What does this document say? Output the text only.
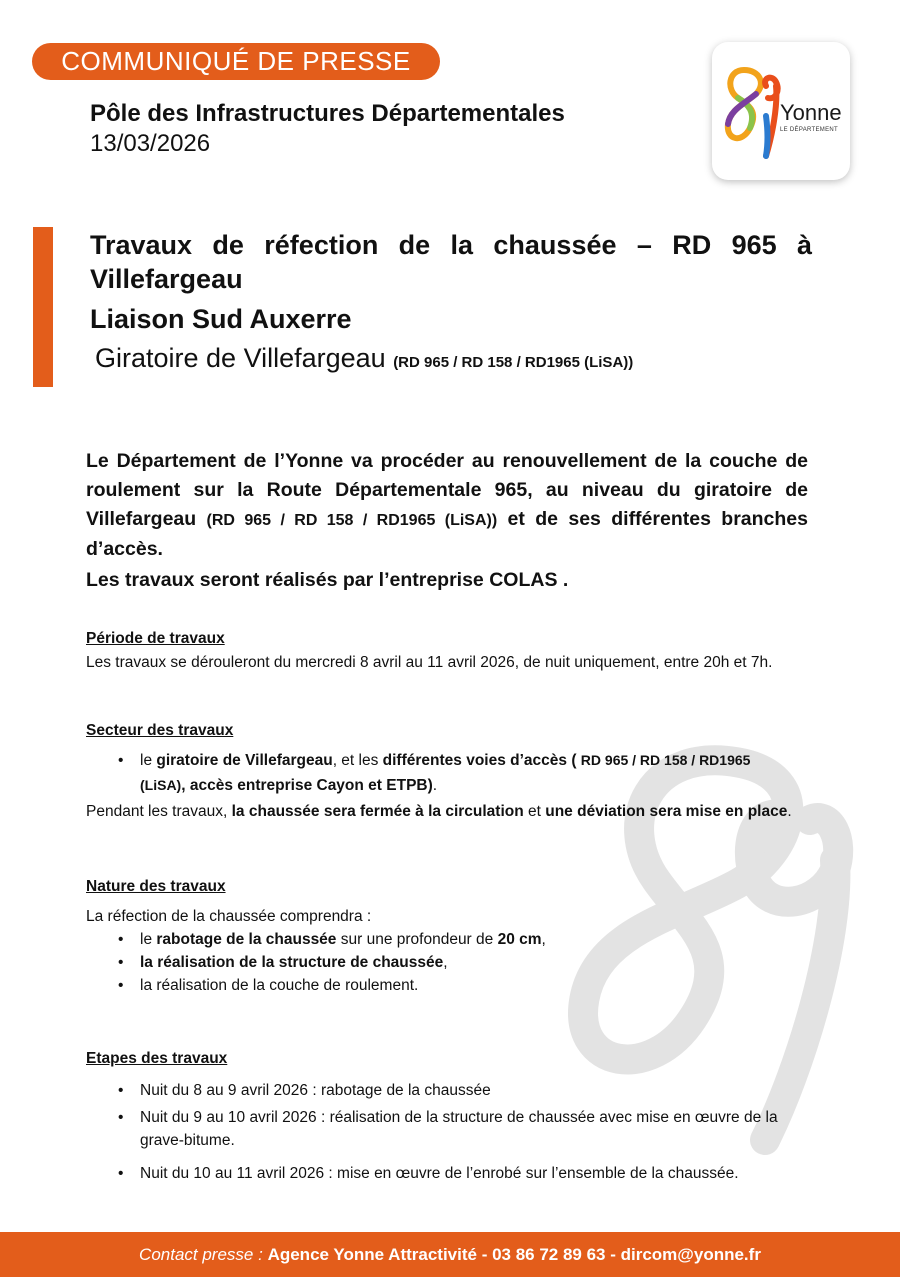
COMMUNIQUÉ DE PRESSE
Yonne
LE DÉPARTEMENT
Pôle des Infrastructures Départementales
13/03/2026
Travaux de réfection de la chaussée – RD 965 à Villefargeau
Liaison Sud Auxerre
Giratoire de Villefargeau (RD 965 / RD 158 / RD1965 (LiSA))

Le Département de l’Yonne va procéder au renouvellement de la couche de roulement sur la Route Départementale 965, au niveau du giratoire de Villefargeau (RD 965 / RD 158 / RD1965 (LiSA)) et de ses différentes branches d’accès.

Les travaux seront réalisés par l’entreprise COLAS .

Période de travaux

Les travaux se dérouleront du mercredi 8 avril au 11 avril 2026, de nuit uniquement, entre 20h et 7h.

Secteur des travaux

• le giratoire de Villefargeau, et les différentes voies d’accès ( RD 965 / RD 158 / RD1965 (LiSA), accès entreprise Cayon et ETPB).

Pendant les travaux, la chaussée sera fermée à la circulation et une déviation sera mise en place.

Nature des travaux

La réfection de la chaussée comprendra :

• le rabotage de la chaussée sur une profondeur de 20 cm,
• la réalisation de la structure de chaussée,
• la réalisation de la couche de roulement.

Etapes des travaux

• Nuit du 8 au 9 avril 2026 : rabotage de la chaussée
• Nuit du 9 au 10 avril 2026 : réalisation de la structure de chaussée avec mise en œuvre de la grave-bitume.
• Nuit du 10 au 11 avril 2026 : mise en œuvre de l’enrobé sur l’ensemble de la chaussée.
Contact presse : Agence Yonne Attractivité - 03 86 72 89 63 - dircom@yonne.fr
